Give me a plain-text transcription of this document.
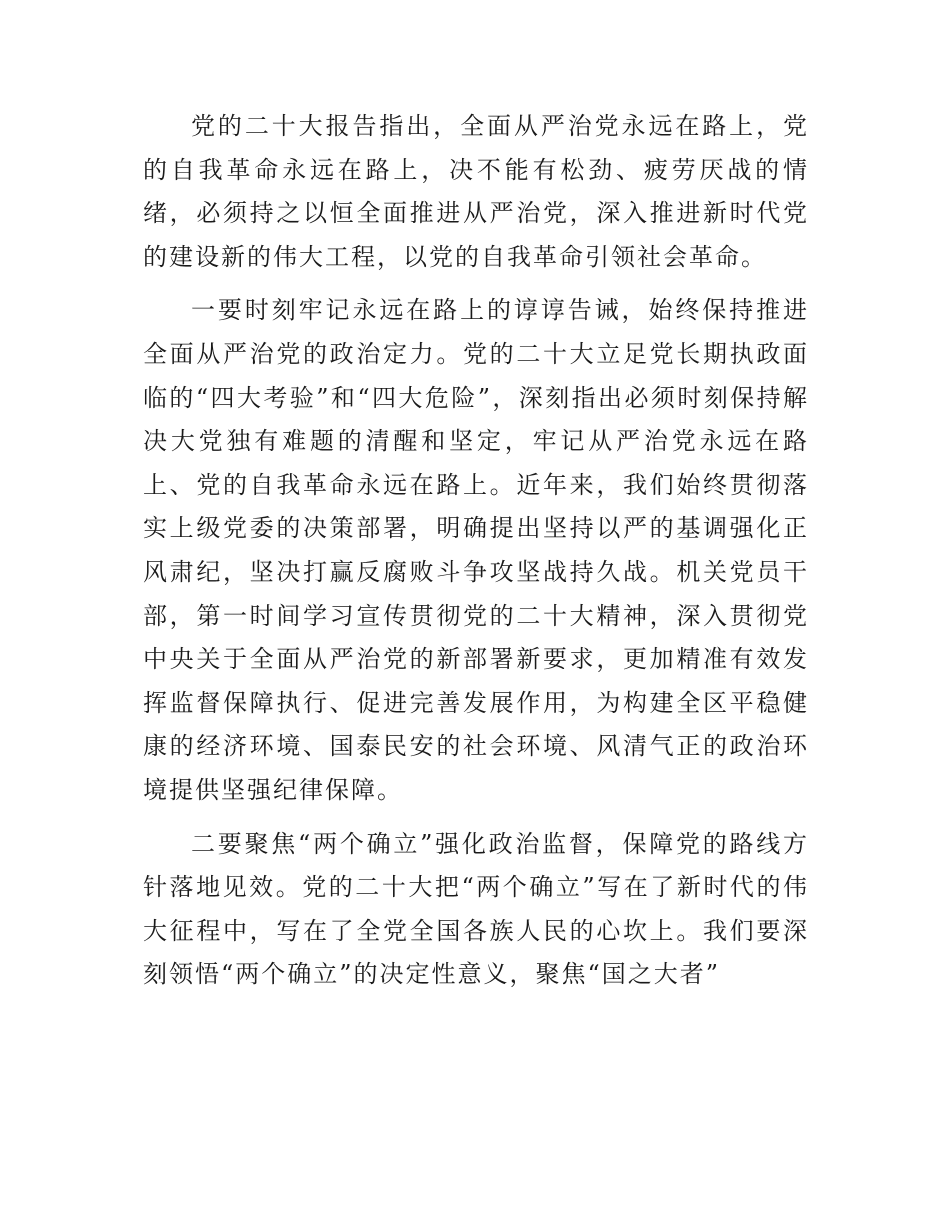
党的二十大报告指出，全面从严治党永远在路上，党的自我革命永远在路上，决不能有松劲、疲劳厌战的情绪，必须持之以恒全面推进从严治党，深入推进新时代党的建设新的伟大工程，以党的自我革命引领社会革命。

一要时刻牢记永远在路上的谆谆告诫，始终保持推进全面从严治党的政治定力。党的二十大立足党长期执政面临的“四大考验”和“四大危险”，深刻指出必须时刻保持解决大党独有难题的清醒和坚定，牢记从严治党永远在路上、党的自我革命永远在路上。近年来，我们始终贯彻落实上级党委的决策部署，明确提出坚持以严的基调强化正风肃纪，坚决打赢反腐败斗争攻坚战持久战。机关党员干部，第一时间学习宣传贯彻党的二十大精神，深入贯彻党中央关于全面从严治党的新部署新要求，更加精准有效发挥监督保障执行、促进完善发展作用，为构建全区平稳健康的经济环境、国泰民安的社会环境、风清气正的政治环境提供坚强纪律保障。

二要聚焦“两个确立”强化政治监督，保障党的路线方针落地见效。党的二十大把“两个确立”写在了新时代的伟大征程中，写在了全党全国各族人民的心坎上。我们要深刻领悟“两个确立”的决定性意义，聚焦“国之大者”
